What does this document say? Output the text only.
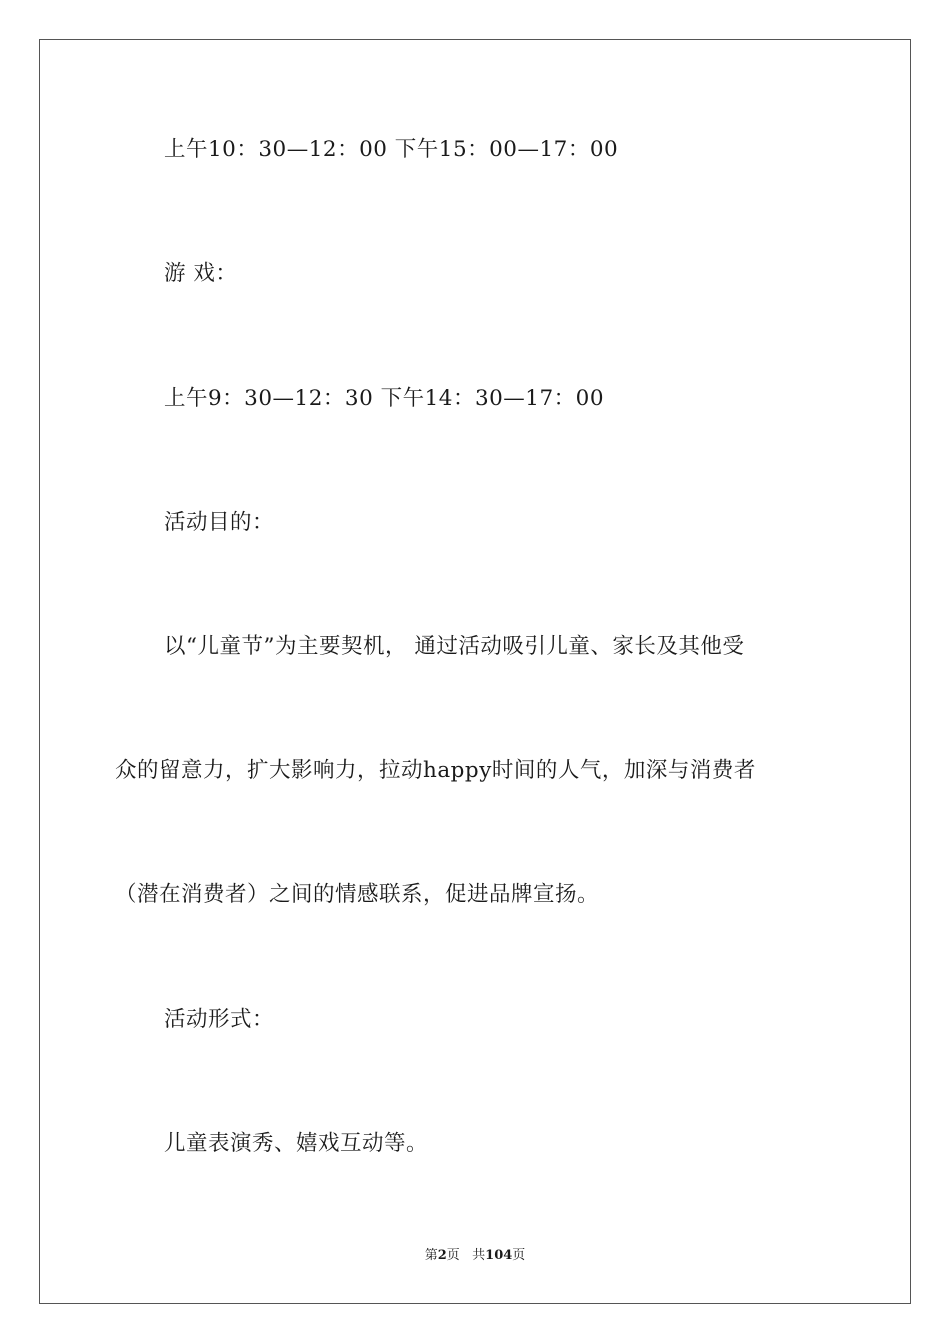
上午10：30—12：00 下午15：00—17：00
游 戏：
上午9：30—12：30 下午14：30—17：00
活动目的：
以“儿童节”为主要契机， 通过活动吸引儿童、家长及其他受
众的留意力，扩大影响力，拉动happy时间的人气，加深与消费者
（潜在消费者）之间的情感联系，促进品牌宣扬。
活动形式：
儿童表演秀、嬉戏互动等。
第2页   共104页
